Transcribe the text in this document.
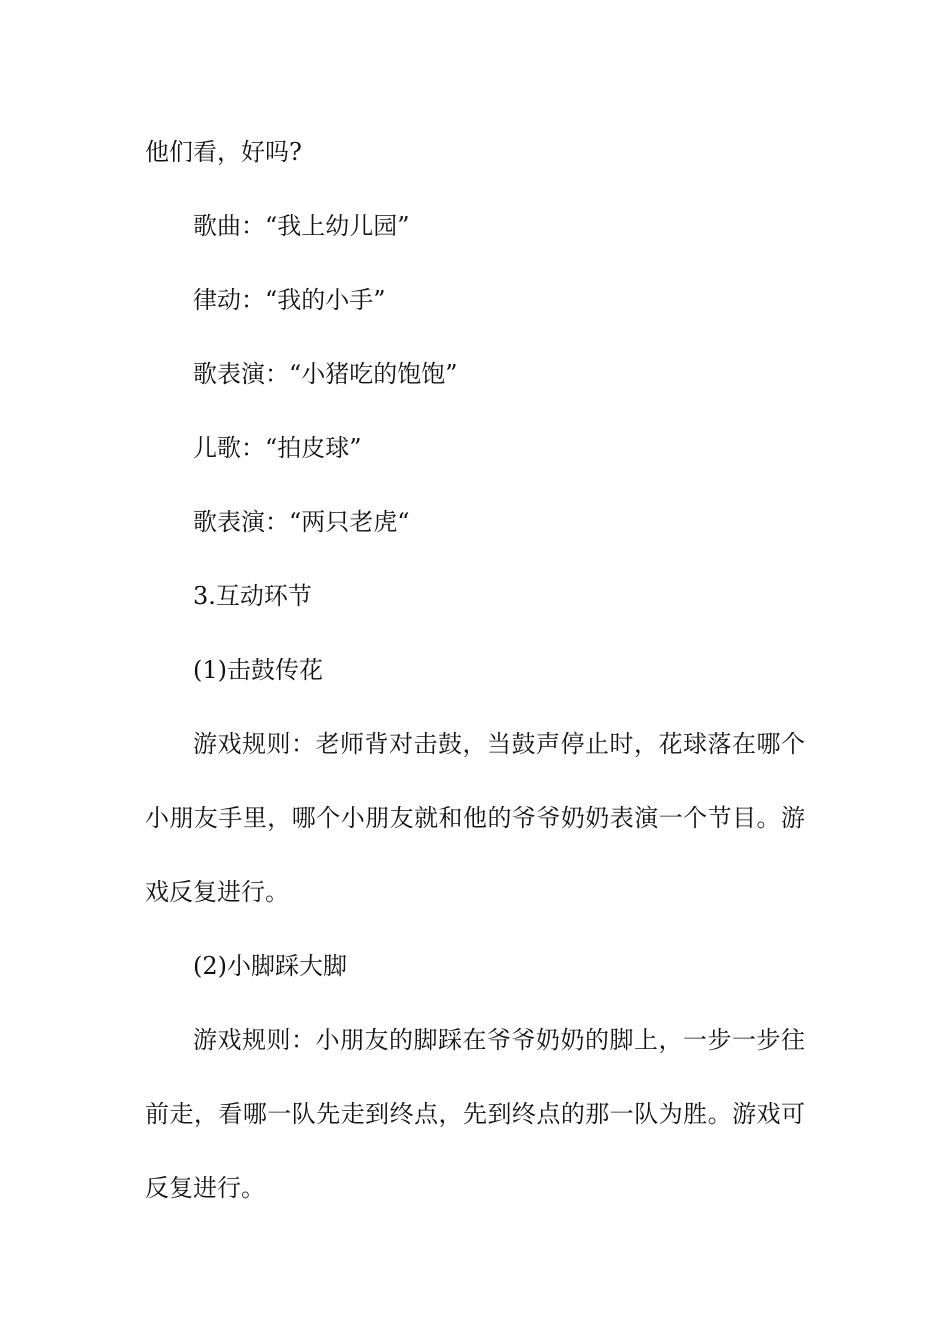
他们看，好吗?

歌曲：“我上幼儿园”

律动：“我的小手”

歌表演：“小猪吃的饱饱”

儿歌：“拍皮球”

歌表演：“两只老虎“

3.互动环节

(1)击鼓传花

游戏规则：老师背对击鼓，当鼓声停止时，花球落在哪个小朋友手里，哪个小朋友就和他的爷爷奶奶表演一个节目。游戏反复进行。

(2)小脚踩大脚

游戏规则：小朋友的脚踩在爷爷奶奶的脚上，一步一步往前走，看哪一队先走到终点，先到终点的那一队为胜。游戏可反复进行。
